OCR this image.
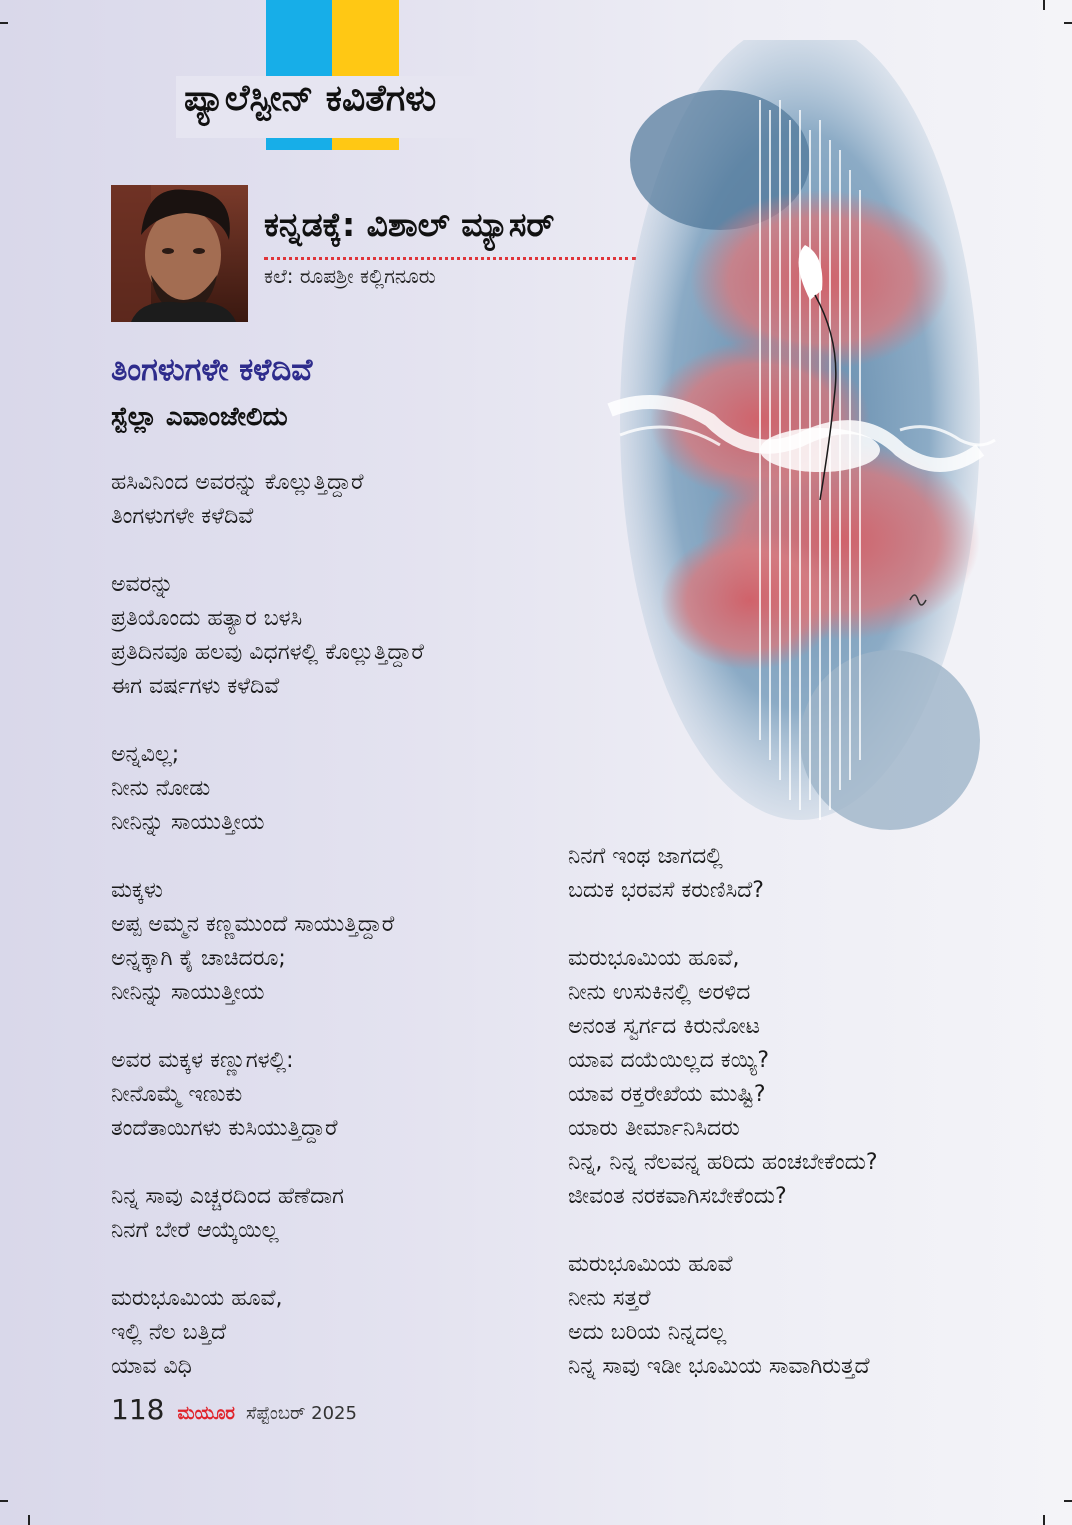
ಪ್ಯಾಲೆಸ್ಟೀನ್ ಕವಿತೆಗಳು
ಕನ್ನಡಕ್ಕೆ: ವಿಶಾಲ್ ಮ್ಯಾಸರ್
ಕಲೆ: ರೂಪಶ್ರೀ ಕಲ್ಲಿಗನೂರು
ತಿಂಗಳುಗಳೇ ಕಳೆದಿವೆ
ಸ್ಟೆಲ್ಲಾ ಎವಾಂಜೇಲಿದು
ಹಸಿವಿನಿಂದ ಅವರನ್ನು ಕೊಲ್ಲುತ್ತಿದ್ದಾರೆ
ತಿಂಗಳುಗಳೇ ಕಳೆದಿವೆ
ಅವರನ್ನು
ಪ್ರತಿಯೊಂದು ಹತ್ಯಾರ ಬಳಸಿ
ಪ್ರತಿದಿನವೂ ಹಲವು ವಿಧಗಳಲ್ಲಿ ಕೊಲ್ಲುತ್ತಿದ್ದಾರೆ
ಈಗ ವರ್ಷಗಳು ಕಳೆದಿವೆ
ಅನ್ನವಿಲ್ಲ;
ನೀನು ನೋಡು
ನೀನಿನ್ನು ಸಾಯುತ್ತೀಯ
ಮಕ್ಕಳು
ಅಪ್ಪ ಅಮ್ಮನ ಕಣ್ಣಮುಂದೆ ಸಾಯುತ್ತಿದ್ದಾರೆ
ಅನ್ನಕ್ಕಾಗಿ ಕೈ ಚಾಚಿದರೂ;
ನೀನಿನ್ನು ಸಾಯುತ್ತೀಯ
ಅವರ ಮಕ್ಕಳ ಕಣ್ಣುಗಳಲ್ಲಿ:
ನೀನೊಮ್ಮೆ ಇಣುಕು
ತಂದೆತಾಯಿಗಳು ಕುಸಿಯುತ್ತಿದ್ದಾರೆ
ನಿನ್ನ ಸಾವು ಎಚ್ಚರದಿಂದ ಹೆಣೆದಾಗ
ನಿನಗೆ ಬೇರೆ ಆಯ್ಕೆಯಿಲ್ಲ
ಮರುಭೂಮಿಯ ಹೂವೆ,
ಇಲ್ಲಿ ನೆಲ ಬತ್ತಿದೆ
ಯಾವ ವಿಧಿ
ನಿನಗೆ ಇಂಥ ಜಾಗದಲ್ಲಿ
ಬದುಕ ಭರವಸೆ ಕರುಣಿಸಿದೆ?
ಮರುಭೂಮಿಯ ಹೂವೆ,
ನೀನು ಉಸುಕಿನಲ್ಲಿ ಅರಳಿದ
ಅನಂತ ಸ್ವರ್ಗದ ಕಿರುನೋಟ
ಯಾವ ದಯೆಯಿಲ್ಲದ ಕಯ್ಯಿ?
ಯಾವ ರಕ್ತರೇಖೆಯ ಮುಷ್ಟಿ?
ಯಾರು ತೀರ್ಮಾನಿಸಿದರು
ನಿನ್ನ, ನಿನ್ನ ನೆಲವನ್ನ ಹರಿದು ಹಂಚಬೇಕೆಂದು?
ಜೀವಂತ ನರಕವಾಗಿಸಬೇಕೆಂದು?
ಮರುಭೂಮಿಯ ಹೂವೆ
ನೀನು ಸತ್ತರೆ
ಅದು ಬರಿಯ ನಿನ್ನದಲ್ಲ
ನಿನ್ನ ಸಾವು ಇಡೀ ಭೂಮಿಯ ಸಾವಾಗಿರುತ್ತದೆ
118 ಮಯೂರ ಸೆಪ್ಟೆಂಬರ್ 2025
